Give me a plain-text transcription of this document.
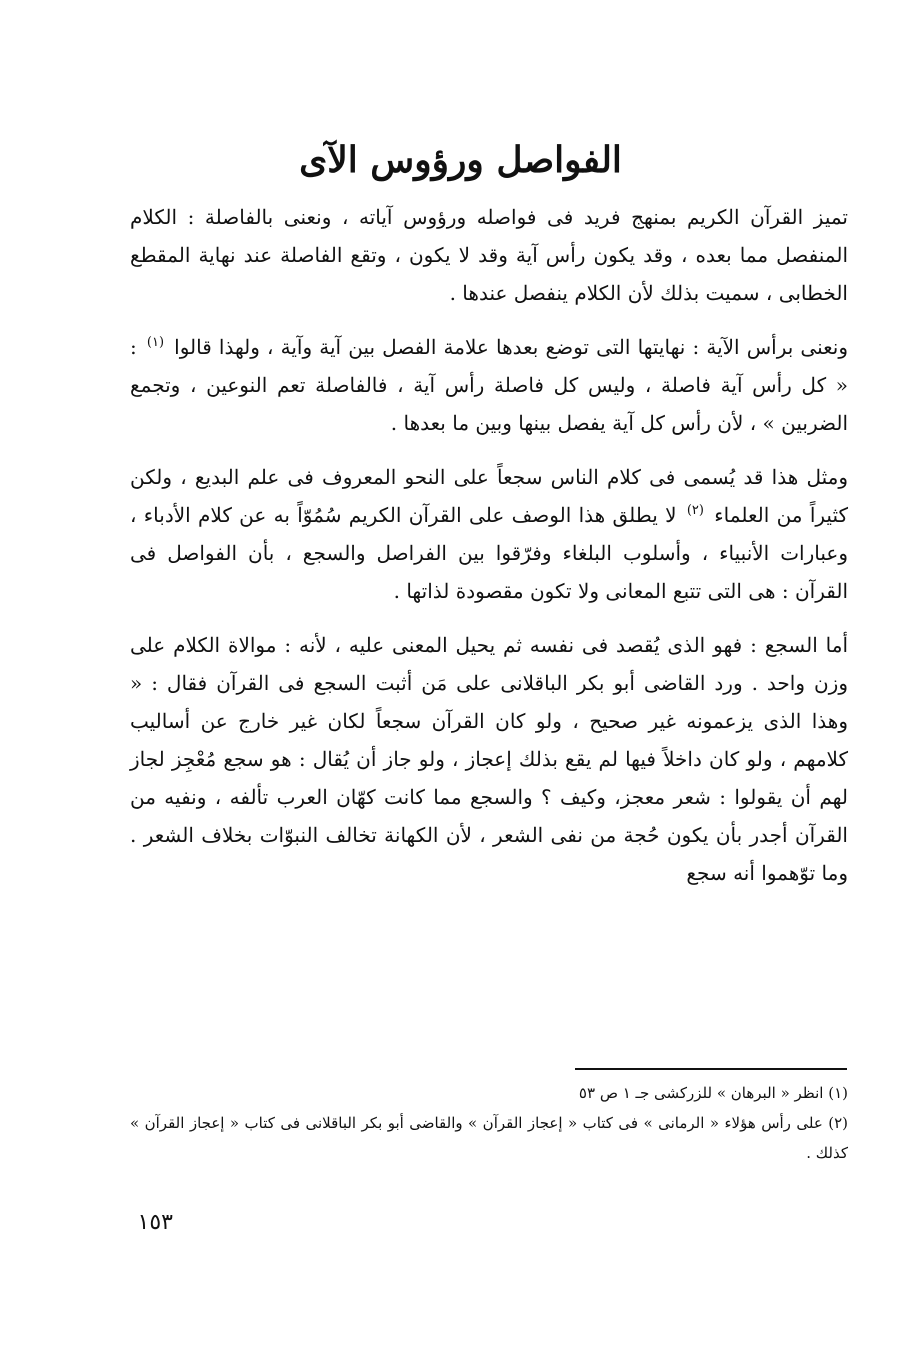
الفواصل ورؤوس الآى

تميز القرآن الكريم بمنهج فريد فى فواصله ورؤوس آياته ، ونعنى بالفاصلة : الكلام المنفصل مما بعده ، وقد يكون رأس آية وقد لا يكون ، وتقع الفاصلة عند نهاية المقطع الخطابى ، سميت بذلك لأن الكلام ينفصل عندها .

ونعنى برأس الآية : نهايتها التى توضع بعدها علامة الفصل بين آية وآية ، ولهذا قالوا $^{(١)}$ : « كل رأس آية فاصلة ، وليس كل فاصلة رأس آية ، فالفاصلة تعم النوعين ، وتجمع الضربين » ، لأن رأس كل آية يفصل بينها وبين ما بعدها .

ومثل هذا قد يُسمى فى كلام الناس سجعاً على النحو المعروف فى علم البديع ، ولكن كثيراً من العلماء $^{(٢)}$ لا يطلق هذا الوصف على القرآن الكريم سُمُوّاً به عن كلام الأدباء ، وعبارات الأنبياء ، وأسلوب البلغاء وفرّقوا بين الفراصل والسجع ، بأن الفواصل فى القرآن : هى التى تتبع المعانى ولا تكون مقصودة لذاتها .

أما السجع : فهو الذى يُقصد فى نفسه ثم يحيل المعنى عليه ، لأنه : موالاة الكلام على وزن واحد . ورد القاضى أبو بكر الباقلانى على مَن أثبت السجع فى القرآن فقال : « وهذا الذى يزعمونه غير صحيح ، ولو كان القرآن سجعاً لكان غير خارج عن أساليب كلامهم ، ولو كان داخلاً فيها لم يقع بذلك إعجاز ، ولو جاز أن يُقال : هو سجع مُعْجِز لجاز لهم أن يقولوا : شعر معجز، وكيف ؟ والسجع مما كانت كهّان العرب تألفه ، ونفيه من القرآن أجدر بأن يكون حُجة من نفى الشعر ، لأن الكهانة تخالف النبوّات بخلاف الشعر . وما توّهموا أنه سجع

(١) انظر « البرهان » للزركشى جـ ١ ص ٥٣

(٢) على رأس هؤلاء « الرمانى » فى كتاب « إعجاز القرآن » والقاضى أبو بكر الباقلانى فى كتاب « إعجاز القرآن » كذلك .

١٥٣
